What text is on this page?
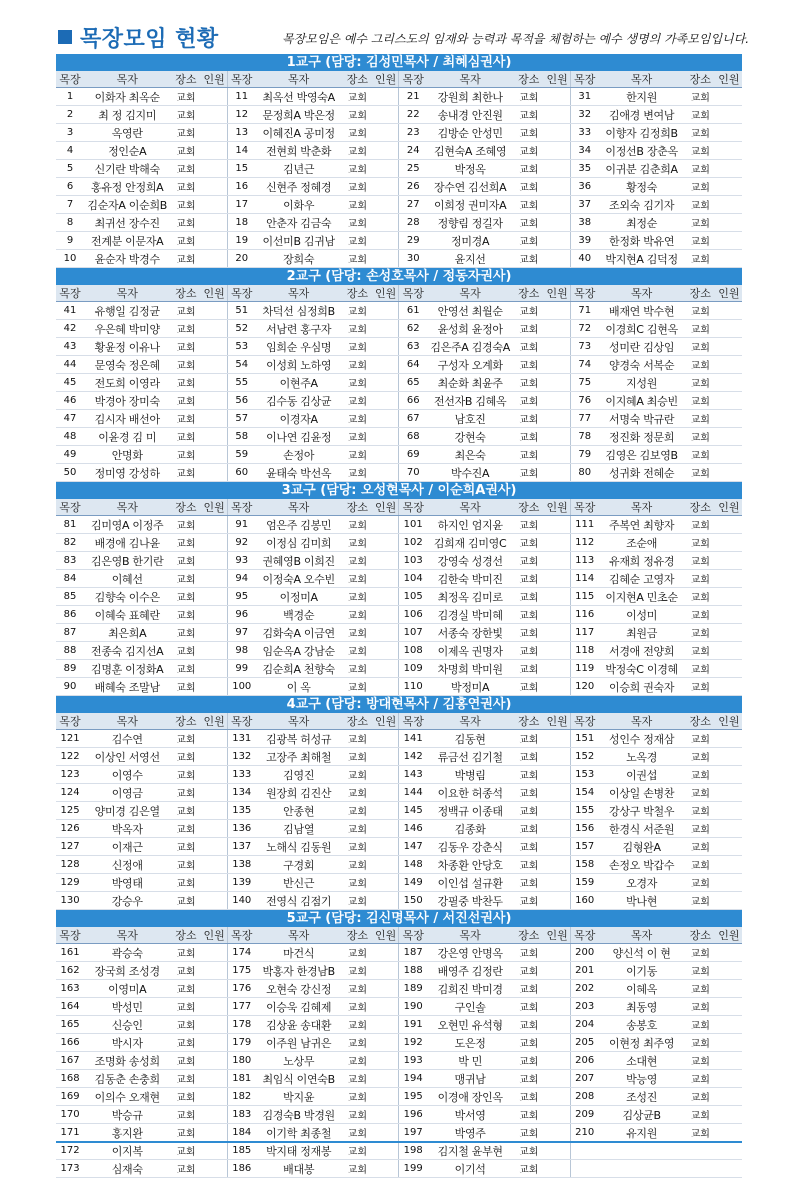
목장모임 현황	목장모임은 예수 그리스도의 임재와 능력과 목적을 체험하는 예수 생명의 가족모임입니다.
1교구 (담당: 김성민목사 / 최혜심권사)
목장	목자	장소	인원	목장	목자	장소	인원	목장	목자	장소	인원	목장	목자	장소	인원
1	이화자 최옥순	교회		11	최옥선 박영숙A	교회		21	강원희 최한나	교회		31	한지원	교회	
2	최 정 김지미	교회		12	문정희A 박은정	교회		22	송내경 안진원	교회		32	김애경 변여남	교회	
3	옥영란	교회		13	이혜진A 공미정	교회		23	김방순 안성민	교회		33	이향자 김정희B	교회	
4	정인순A	교회		14	전현희 박춘화	교회		24	김현숙A 조혜영	교회		34	이정선B 장춘옥	교회	
5	신기란 박해숙	교회		15	김년근	교회		25	박정옥	교회		35	이귀분 김춘희A	교회	
6	홍유정 안정희A	교회		16	신현주 정혜경	교회		26	장수연 김선희A	교회		36	황정숙	교회	
7	김순자A 이순희B	교회		17	이화우	교회		27	이희정 권미자A	교회		37	조외숙 김기자	교회	
8	최귀선 장수진	교회		18	안춘자 김금숙	교회		28	정향림 정길자	교회		38	최정순	교회	
9	전계분 이문자A	교회		19	이선미B 김귀남	교회		29	정미경A	교회		39	한정화 박유연	교회	
10	윤순자 박경수	교회		20	장희숙	교회		30	윤지선	교회		40	박지현A 김덕정	교회	
2교구 (담당: 손성호목사 / 정동자권사)
목장	목자	장소	인원	목장	목자	장소	인원	목장	목자	장소	인원	목장	목자	장소	인원
41	유행일 김정균	교회		51	차덕선 심정희B	교회		61	안영선 최월순	교회		71	배재연 박수현	교회	
42	우은혜 박미양	교회		52	서남련 홍구자	교회		62	윤성희 윤정아	교회		72	이경희C 김현옥	교회	
43	황윤정 이유나	교회		53	임희순 우심명	교회		63	김은주A 김경숙A	교회		73	성미란 김상임	교회	
44	문영숙 정은혜	교회		54	이성희 노하영	교회		64	구성자 오계화	교회		74	양경숙 서복순	교회	
45	전도희 이영라	교회		55	이현주A	교회		65	최순화 최윤주	교회		75	지성원	교회	
46	박경아 장미숙	교회		56	김수동 김상균	교회		66	전선자B 김혜옥	교회		76	이지혜A 최승빈	교회	
47	김시자 배선아	교회		57	이경자A	교회		67	남호진	교회		77	서명숙 박규란	교회	
48	이윤경 김 미	교회		58	이나연 김윤정	교회		68	강현숙	교회		78	정진화 정문희	교회	
49	안명화	교회		59	손정아	교회		69	최은숙	교회		79	김영은 김보영B	교회	
50	정미영 강성하	교회		60	윤태숙 박선옥	교회		70	박수진A	교회		80	성귀화 전혜순	교회	
3교구 (담당: 오성현목사 / 이순희A권사)
목장	목자	장소	인원	목장	목자	장소	인원	목장	목자	장소	인원	목장	목자	장소	인원
81	김미영A 이정주	교회		91	엄은주 김봉민	교회		101	하지인 엄지윤	교회		111	주복연 최향자	교회	
82	배경애 김나윤	교회		92	이정심 김미희	교회		102	김희재 김미영C	교회		112	조순애	교회	
83	김은영B 한기란	교회		93	권혜영B 이희진	교회		103	강영숙 성경선	교회		113	유재희 정유경	교회	
84	이혜선	교회		94	이정숙A 오수빈	교회		104	김한숙 박미진	교회		114	김혜순 고영자	교회	
85	김향숙 이수은	교회		95	이정미A	교회		105	최정옥 김미로	교회		115	이지현A 민초순	교회	
86	이혜숙 표혜란	교회		96	백경순	교회		106	김경실 박미혜	교회		116	이성미	교회	
87	최은희A	교회		97	김화숙A 이금연	교회		107	서종숙 장한빛	교회		117	최원금	교회	
88	전종숙 김지선A	교회		98	임순옥A 강남순	교회		108	이제옥 권명자	교회		118	서경애 전양희	교회	
89	김명훈 이정화A	교회		99	김순희A 천향숙	교회		109	차명희 박미원	교회		119	박정숙C 이경혜	교회	
90	배혜숙 조말남	교회		100	이 옥	교회		110	박정미A	교회		120	이승희 권숙자	교회	
4교구 (담당: 방대현목사 / 김홍연권사)
목장	목자	장소	인원	목장	목자	장소	인원	목장	목자	장소	인원	목장	목자	장소	인원
121	김수연	교회		131	김광복 허성규	교회		141	김동현	교회		151	성인수 정재삼	교회	
122	이상인 서영선	교회		132	고장주 최해철	교회		142	류금선 김기철	교회		152	노옥경	교회	
123	이영수	교회		133	김영진	교회		143	박병림	교회		153	이권섭	교회	
124	이영금	교회		134	원장희 김진산	교회		144	이요한 허종석	교회		154	이상일 손병찬	교회	
125	양미경 김은열	교회		135	안종현	교회		145	정백규 이종태	교회		155	강상구 박철우	교회	
126	박옥자	교회		136	김남열	교회		146	김종화	교회		156	한경식 서준원	교회	
127	이재근	교회		137	노해식 김동원	교회		147	김동우 강춘식	교회		157	김형완A	교회	
128	신정애	교회		138	구경회	교회		148	차종환 안당호	교회		158	손정오 박갑수	교회	
129	박영태	교회		139	반신근	교회		149	이인섭 설규환	교회		159	오경자	교회	
130	강승우	교회		140	전영식 김점기	교회		150	강필중 박찬두	교회		160	박나현	교회	
5교구 (담당: 김신명목사 / 서진선권사)
목장	목자	장소	인원	목장	목자	장소	인원	목장	목자	장소	인원	목장	목자	장소	인원
161	곽승숙	교회		174	마건식	교회		187	강은영 안명옥	교회		200	양신석 이 현	교회	
162	장국희 조성경	교회		175	박홍자 한경남B	교회		188	배영주 김정란	교회		201	이기동	교회	
163	이영미A	교회		176	오현숙 강신정	교회		189	김희진 박미경	교회		202	이혜옥	교회	
164	박성민	교회		177	이승욱 김혜제	교회		190	구인솔	교회		203	최동영	교회	
165	신승인	교회		178	김상윤 송대환	교회		191	오현민 유석형	교회		204	송봉호	교회	
166	박시자	교회		179	이주원 남귀은	교회		192	도은정	교회		205	이현정 최주영	교회	
167	조명화 송성희	교회		180	노상무	교회		193	박 민	교회		206	소대현	교회	
168	김동춘 손충희	교회		181	최임식 이연숙B	교회		194	맹귀남	교회		207	박능영	교회	
169	이의수 오재현	교회		182	박지윤	교회		195	이경애 장인옥	교회		208	조성진	교회	
170	박승규	교회		183	김경숙B 박경원	교회		196	박서영	교회		209	김상균B	교회	
171	홍지완	교회		184	이기학 최종철	교회		197	박영주	교회		210	유지원	교회	
172	이지복	교회		185	박지태 정재봉	교회		198	김지철 윤부현	교회					
173	심재숙	교회		186	배대봉	교회		199	이기석	교회					
